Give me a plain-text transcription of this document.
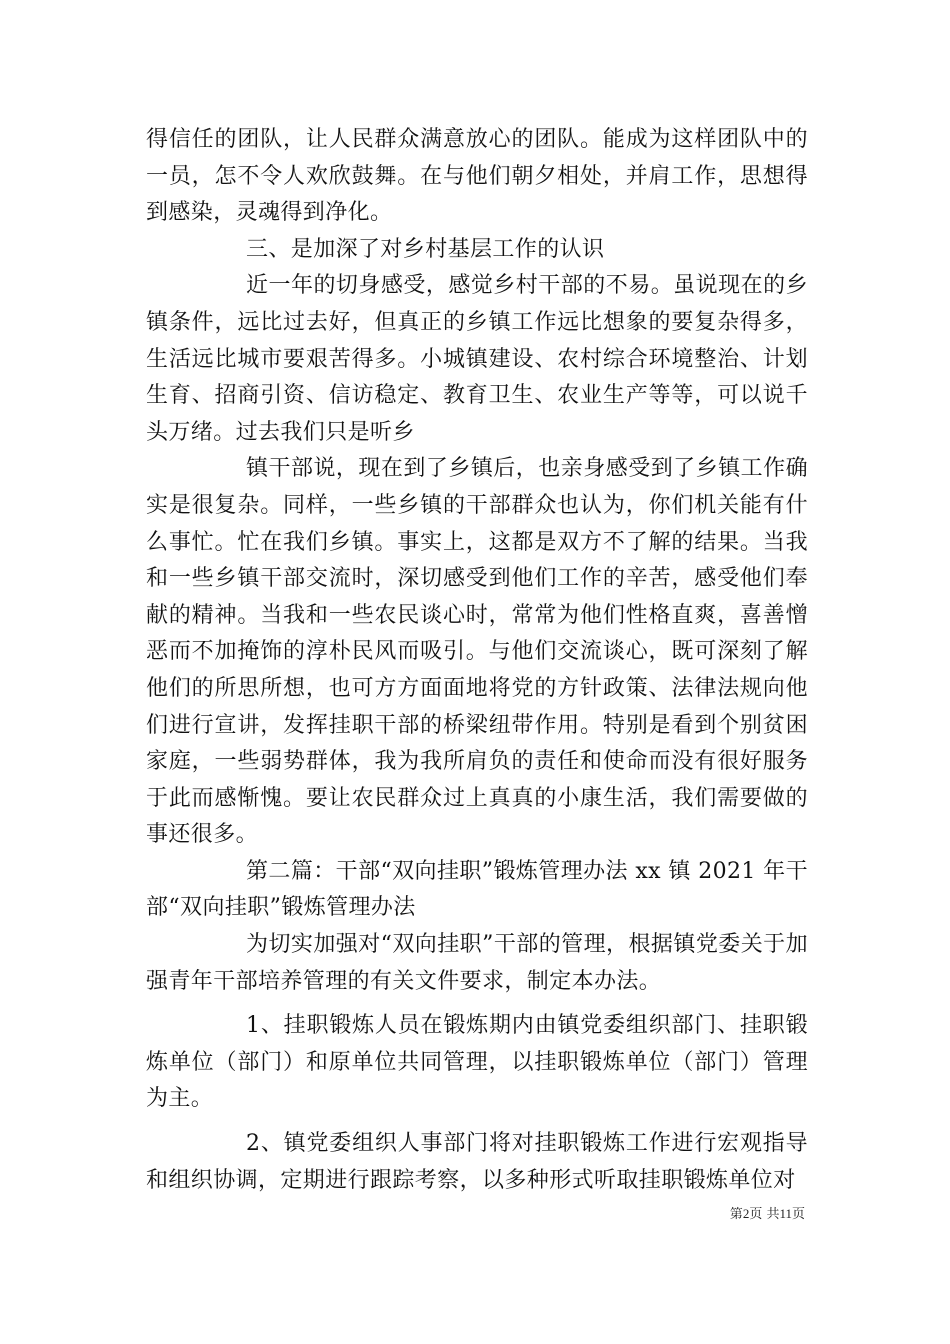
得信任的团队，让人民群众满意放心的团队。能成为这样团队中的一员，怎不令人欢欣鼓舞。在与他们朝夕相处，并肩工作，思想得到感染，灵魂得到净化。

三、是加深了对乡村基层工作的认识

近一年的切身感受，感觉乡村干部的不易。虽说现在的乡镇条件，远比过去好，但真正的乡镇工作远比想象的要复杂得多，生活远比城市要艰苦得多。小城镇建设、农村综合环境整治、计划生育、招商引资、信访稳定、教育卫生、农业生产等等，可以说千头万绪。过去我们只是听乡

镇干部说，现在到了乡镇后，也亲身感受到了乡镇工作确实是很复杂。同样，一些乡镇的干部群众也认为，你们机关能有什么事忙。忙在我们乡镇。事实上，这都是双方不了解的结果。当我和一些乡镇干部交流时，深切感受到他们工作的辛苦，感受他们奉献的精神。当我和一些农民谈心时，常常为他们性格直爽，喜善憎恶而不加掩饰的淳朴民风而吸引。与他们交流谈心，既可深刻了解他们的所思所想，也可方方面面地将党的方针政策、法律法规向他们进行宣讲，发挥挂职干部的桥梁纽带作用。特别是看到个别贫困家庭，一些弱势群体，我为我所肩负的责任和使命而没有很好服务于此而感惭愧。要让农民群众过上真真的小康生活，我们需要做的事还很多。

第二篇：干部“双向挂职”锻炼管理办法 xx 镇 2021 年干部“双向挂职”锻炼管理办法

为切实加强对“双向挂职”干部的管理，根据镇党委关于加强青年干部培养管理的有关文件要求，制定本办法。

1、挂职锻炼人员在锻炼期内由镇党委组织部门、挂职锻炼单位（部门）和原单位共同管理，以挂职锻炼单位（部门）管理为主。

2、镇党委组织人事部门将对挂职锻炼工作进行宏观指导和组织协调，定期进行跟踪考察，以多种形式听取挂职锻炼单位对

第2页 共11页
